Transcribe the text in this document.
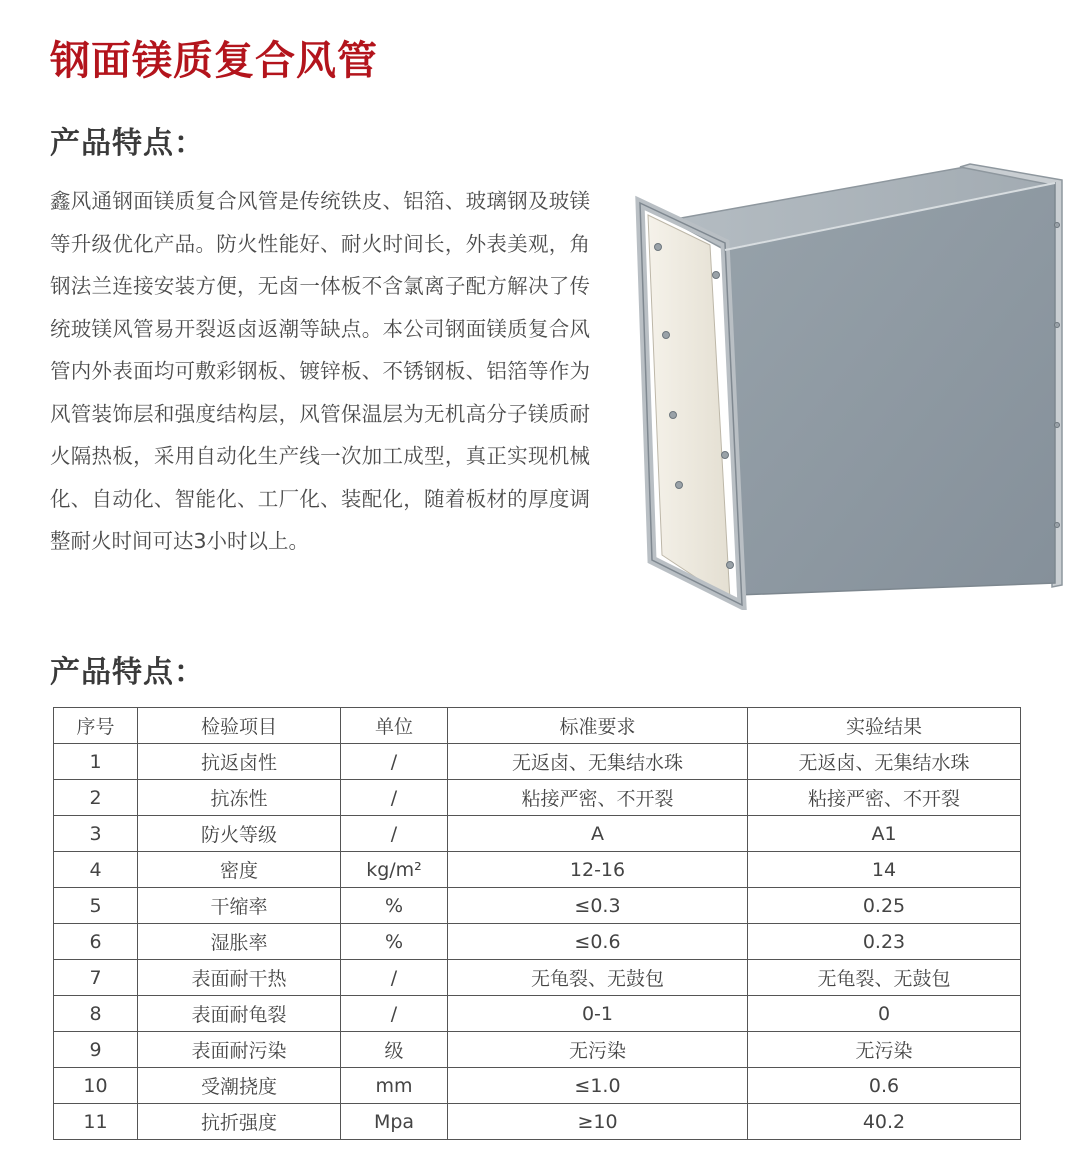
钢面镁质复合风管
产品特点：

鑫风通钢面镁质复合风管是传统铁皮、铝箔、玻璃钢及玻镁等升级优化产品。防火性能好、耐火时间长，外表美观，角钢法兰连接安装方便，无卤一体板不含氯离子配方解决了传统玻镁风管易开裂返卤返潮等缺点。本公司钢面镁质复合风管内外表面均可敷彩钢板、镀锌板、不锈钢板、铝箔等作为风管装饰层和强度结构层，风管保温层为无机高分子镁质耐火隔热板，采用自动化生产线一次加工成型，真正实现机械化、自动化、智能化、工厂化、装配化，随着板材的厚度调整耐火时间可达3小时以上。

产品特点：
序号	检验项目	单位	标准要求	实验结果
1	抗返卤性	/	无返卤、无集结水珠	无返卤、无集结水珠
2	抗冻性	/	粘接严密、不开裂	粘接严密、不开裂
3	防火等级	/	A	A1
4	密度	kg/m²	12-16	14
5	干缩率	%	≤0.3	0.25
6	湿胀率	%	≤0.6	0.23
7	表面耐干热	/	无龟裂、无鼓包	无龟裂、无鼓包
8	表面耐龟裂	/	0-1	0
9	表面耐污染	级	无污染	无污染
10	受潮挠度	mm	≤1.0	0.6
11	抗折强度	Mpa	≥10	40.2
